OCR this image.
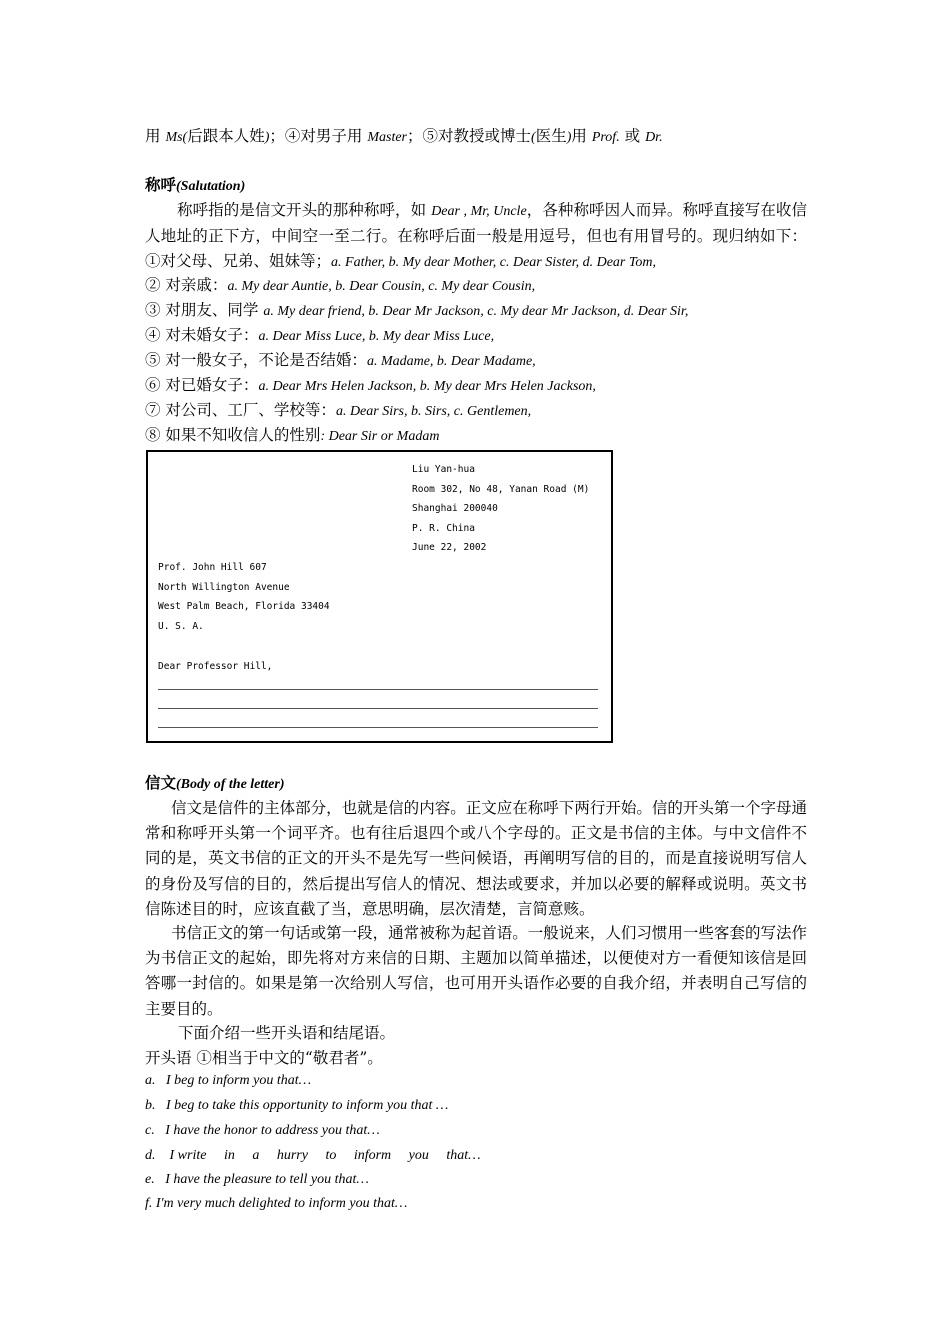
用 Ms(后跟本人姓)；④对男子用 Master；⑤对教授或博士(医生)用 Prof. 或 Dr.
称呼(Salutation)
称呼指的是信文开头的那种称呼，如 Dear , Mr, Uncle，各种称呼因人而异。称呼直接写在收信人地址的正下方，中间空一至二行。在称呼后面一般是用逗号，但也有用冒号的。现归纳如下：①对父母、兄弟、姐妹等；a. Father, b. My dear Mother, c. Dear Sister, d. Dear Tom,
② 对亲戚：a. My dear Auntie, b. Dear Cousin, c. My dear Cousin,
③ 对朋友、同学 a. My dear friend, b. Dear Mr Jackson, c. My dear Mr Jackson, d. Dear Sir,
④ 对未婚女子：a. Dear Miss Luce, b. My dear Miss Luce,
⑤ 对一般女子，不论是否结婚：a. Madame, b. Dear Madame,
⑥ 对已婚女子：a. Dear Mrs Helen Jackson, b. My dear Mrs Helen Jackson,
⑦ 对公司、工厂、学校等：a. Dear Sirs, b. Sirs, c. Gentlemen,
⑧ 如果不知收信人的性别: Dear Sir or Madam
Liu Yan-hua
Room 302, No 48, Yanan Road (M)
Shanghai 200040
P. R. China
June 22, 2002
Prof. John Hill 607
North Willington Avenue
West Palm Beach, Florida 33404
U. S. A.
Dear Professor Hill,
信文(Body of the letter)
信文是信件的主体部分，也就是信的内容。正文应在称呼下两行开始。信的开头第一个字母通常和称呼开头第一个词平齐。也有往后退四个或八个字母的。正文是书信的主体。与中文信件不同的是，英文书信的正文的开头不是先写一些问候语，再阐明写信的目的，而是直接说明写信人的身份及写信的目的，然后提出写信人的情况、想法或要求，并加以必要的解释或说明。英文书信陈述目的时，应该直截了当，意思明确，层次清楚，言简意赅。
书信正文的第一句话或第一段，通常被称为起首语。一般说来，人们习惯用一些客套的写法作为书信正文的起始，即先将对方来信的日期、主题加以简单描述，以便使对方一看便知该信是回答哪一封信的。如果是第一次给别人写信，也可用开头语作必要的自我介绍，并表明自己写信的主要目的。
下面介绍一些开头语和结尾语。
开头语 ①相当于中文的“敬君者”。
a.   I beg to inform you that…
b.   I beg to take this opportunity to inform you that …
c.   I have the honor to address you that…
d.    I write     in     a     hurry     to     inform     you     that…
e.   I have the pleasure to tell you that…
f. I'm very much delighted to inform you that…
